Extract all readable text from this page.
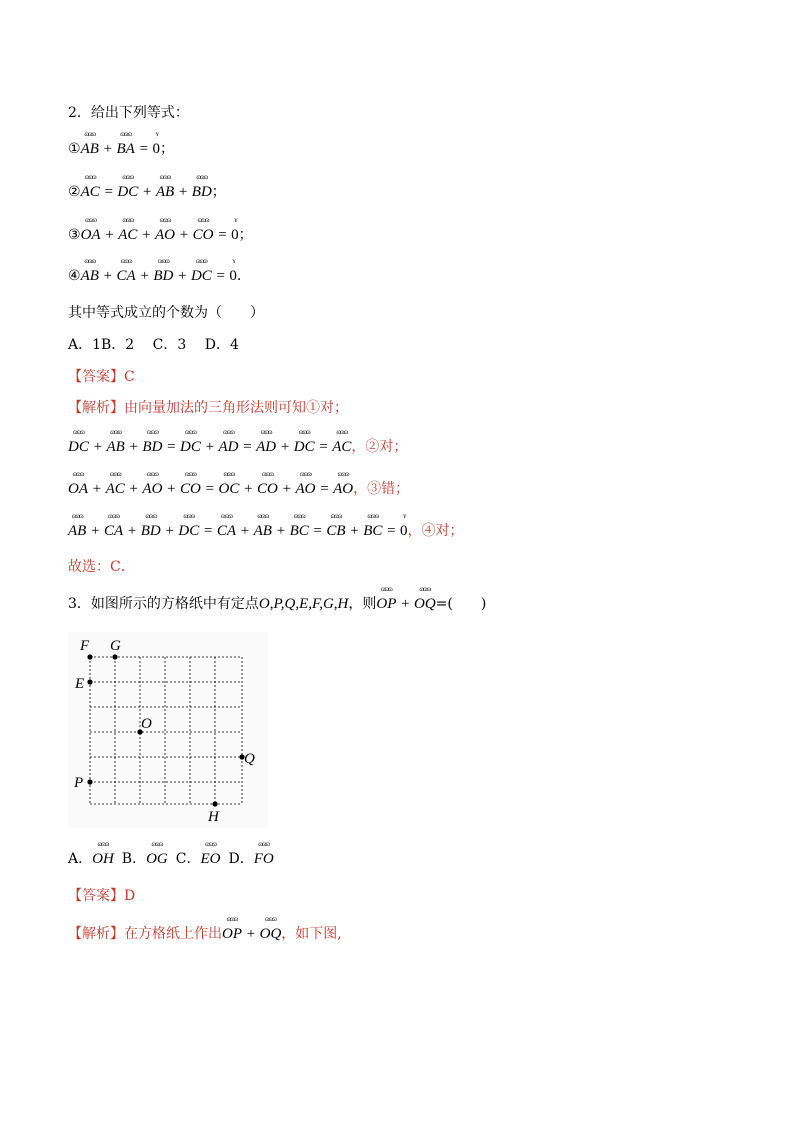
2．给出下列等式：
①ɷɷɷ AB + ɷɷɷ BA = ʏ 0；
②ɷɷɷ AC = ɷɷɷ DC + ɷɷɷ AB + ɷɷɷ BD；
③ɷɷɷ OA + ɷɷɷ AC + ɷɷɷ AO + ɷɷɷ CO = ʏ 0；
④ɷɷɷ AB + ɷɷɷ CA + ɷɷɷ BD + ɷɷɷ DC = ʏ 0.
其中等式成立的个数为（　　）
A．1B．2　 C．3　 D．4
【答案】C
【解析】由向量加法的三角形法则可知①对；
ɷɷɷ DC + ɷɷɷ AB + ɷɷɷ BD = ɷɷɷ DC + ɷɷɷ AD = ɷɷɷ AD + ɷɷɷ DC = ɷɷɷ AC，②对；
ɷɷɷ OA + ɷɷɷ AC + ɷɷɷ AO + ɷɷɷ CO = ɷɷɷ OC + ɷɷɷ CO + ɷɷɷ AO = ɷɷɷ AO，③错；
ɷɷɷ AB + ɷɷɷ CA + ɷɷɷ BD + ɷɷɷ DC = ɷɷɷ CA + ɷɷɷ AB + ɷɷɷ BC = ɷɷɷ CB + ɷɷɷ BC = ʏ 0，④对；
故选：C．
3．如图所示的方格纸中有定点O,P,Q,E,F,G,H，则ɷɷɷ OP + ɷɷɷ OQ=(　　)
F G
E
O
Q
P
H
A．ɷɷɷ OH B．ɷɷɷ OG C．ɷɷɷ EO D．ɷɷɷ FO
【答案】D
【解析】在方格纸上作出ɷɷɷ OP + ɷɷɷ OQ，如下图,
